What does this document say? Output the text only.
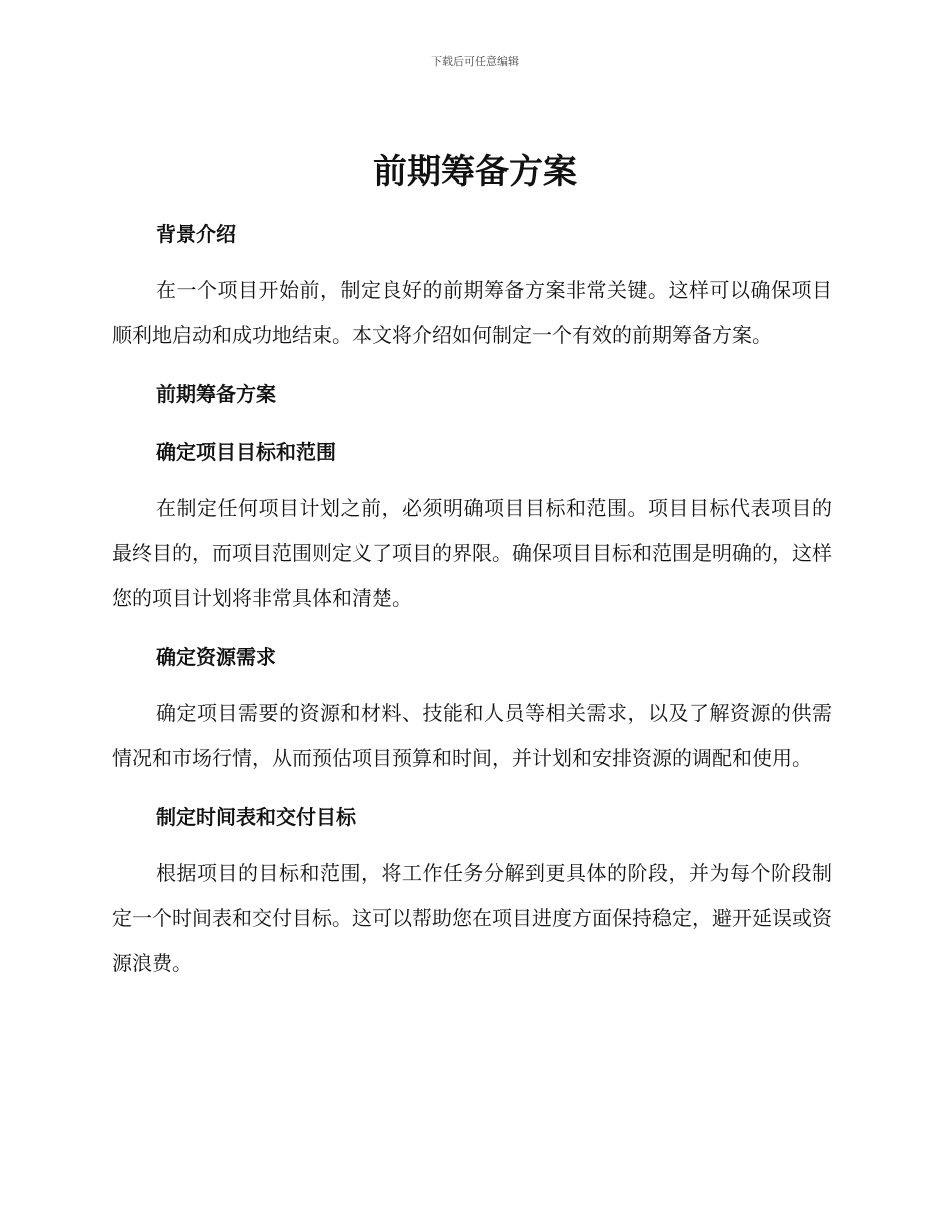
下载后可任意编辑
前期筹备方案
背景介绍

在一个项目开始前，制定良好的前期筹备方案非常关键。这样可以确保项目顺利地启动和成功地结束。本文将介绍如何制定一个有效的前期筹备方案。

前期筹备方案
确定项目目标和范围

在制定任何项目计划之前，必须明确项目目标和范围。项目目标代表项目的最终目的，而项目范围则定义了项目的界限。确保项目目标和范围是明确的，这样您的项目计划将非常具体和清楚。

确定资源需求

确定项目需要的资源和材料、技能和人员等相关需求，以及了解资源的供需情况和市场行情，从而预估项目预算和时间，并计划和安排资源的调配和使用。

制定时间表和交付目标

根据项目的目标和范围，将工作任务分解到更具体的阶段，并为每个阶段制定一个时间表和交付目标。这可以帮助您在项目进度方面保持稳定，避开延误或资源浪费。
